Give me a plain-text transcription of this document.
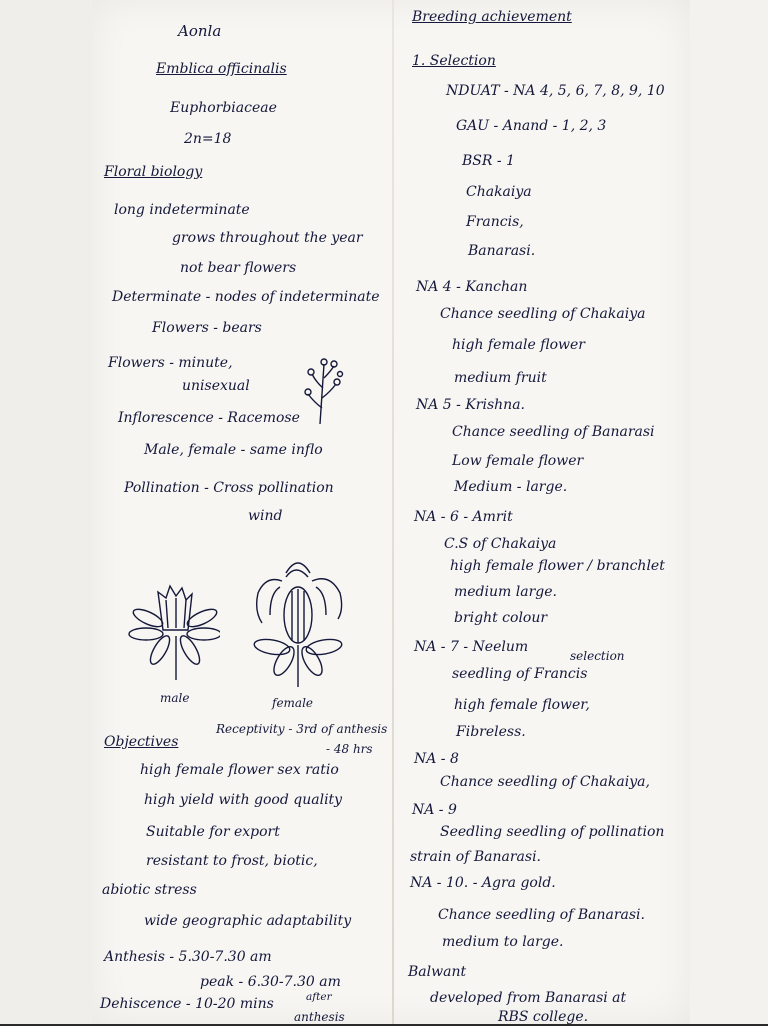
Aonla
Emblica officinalis
Euphorbiaceae
2n=18
Floral biology
long indeterminate
grows throughout the year
not bear flowers
Determinate - nodes of indeterminate
Flowers - bears
Flowers - minute,
unisexual
Inflorescence - Racemose
Male, female - same inflo
Pollination - Cross pollination
wind
male	female
Receptivity - 3rd of anthesis
- 48 hrs
Objectives
high female flower sex ratio
high yield with good quality
Suitable for export
resistant to frost, biotic,
abiotic stress
wide geographic adaptability
Anthesis - 5.30-7.30 am
peak - 6.30-7.30 am
Dehiscence - 10-20 mins	after
anthesis
Breeding achievement
1. Selection
NDUAT - NA 4, 5, 6, 7, 8, 9, 10
GAU - Anand - 1, 2, 3
BSR - 1
Chakaiya
Francis,
Banarasi.
NA 4 - Kanchan
Chance seedling of Chakaiya
high female flower
medium fruit
NA 5 - Krishna.
Chance seedling of Banarasi
Low female flower
Medium - large.
NA - 6 - Amrit
C.S of Chakaiya
high female flower / branchlet
medium large.
bright colour
NA - 7 - Neelum
selection
seedling of Francis
high female flower,
Fibreless.
NA - 8
Chance seedling of Chakaiya,
NA - 9
Seedling seedling of pollination
strain of Banarasi.
NA - 10. - Agra gold.
Chance seedling of Banarasi.
medium to large.
Balwant
developed from Banarasi at
RBS college.
